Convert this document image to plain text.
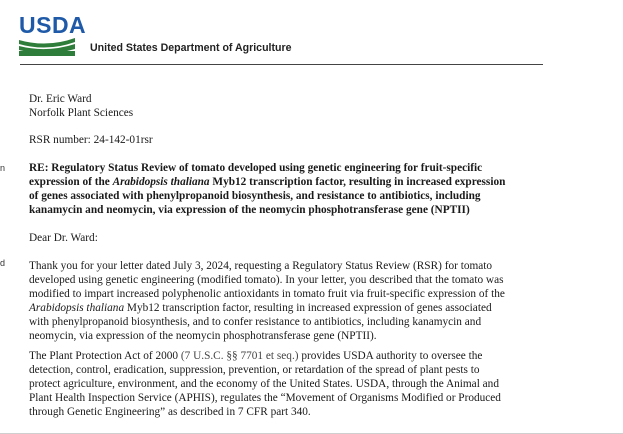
USDA
United States Department of Agriculture
n
d
Dr. Eric Ward
Norfolk Plant Sciences
RSR number: 24-142-01rsr

RE: Regulatory Status Review of tomato developed using genetic engineering for fruit-specific

expression of the Arabidopsis thaliana Myb12 transcription factor, resulting in increased expression

of genes associated with phenylpropanoid biosynthesis, and resistance to antibiotics, including

kanamycin and neomycin, via expression of the neomycin phosphotransferase gene (NPTII)

Dear Dr. Ward:

Thank you for your letter dated July 3, 2024, requesting a Regulatory Status Review (RSR) for tomato

developed using genetic engineering (modified tomato). In your letter, you described that the tomato was

modified to impart increased polyphenolic antioxidants in tomato fruit via fruit-specific expression of the

Arabidopsis thaliana Myb12 transcription factor, resulting in increased expression of genes associated

with phenylpropanoid biosynthesis, and to confer resistance to antibiotics, including kanamycin and

neomycin, via expression of the neomycin phosphotransferase gene (NPTII).

The Plant Protection Act of 2000 (7 U.S.C. §§ 7701 et seq.) provides USDA authority to oversee the

detection, control, eradication, suppression, prevention, or retardation of the spread of plant pests to

protect agriculture, environment, and the economy of the United States. USDA, through the Animal and

Plant Health Inspection Service (APHIS), regulates the “Movement of Organisms Modified or Produced

through Genetic Engineering” as described in 7 CFR part 340.
